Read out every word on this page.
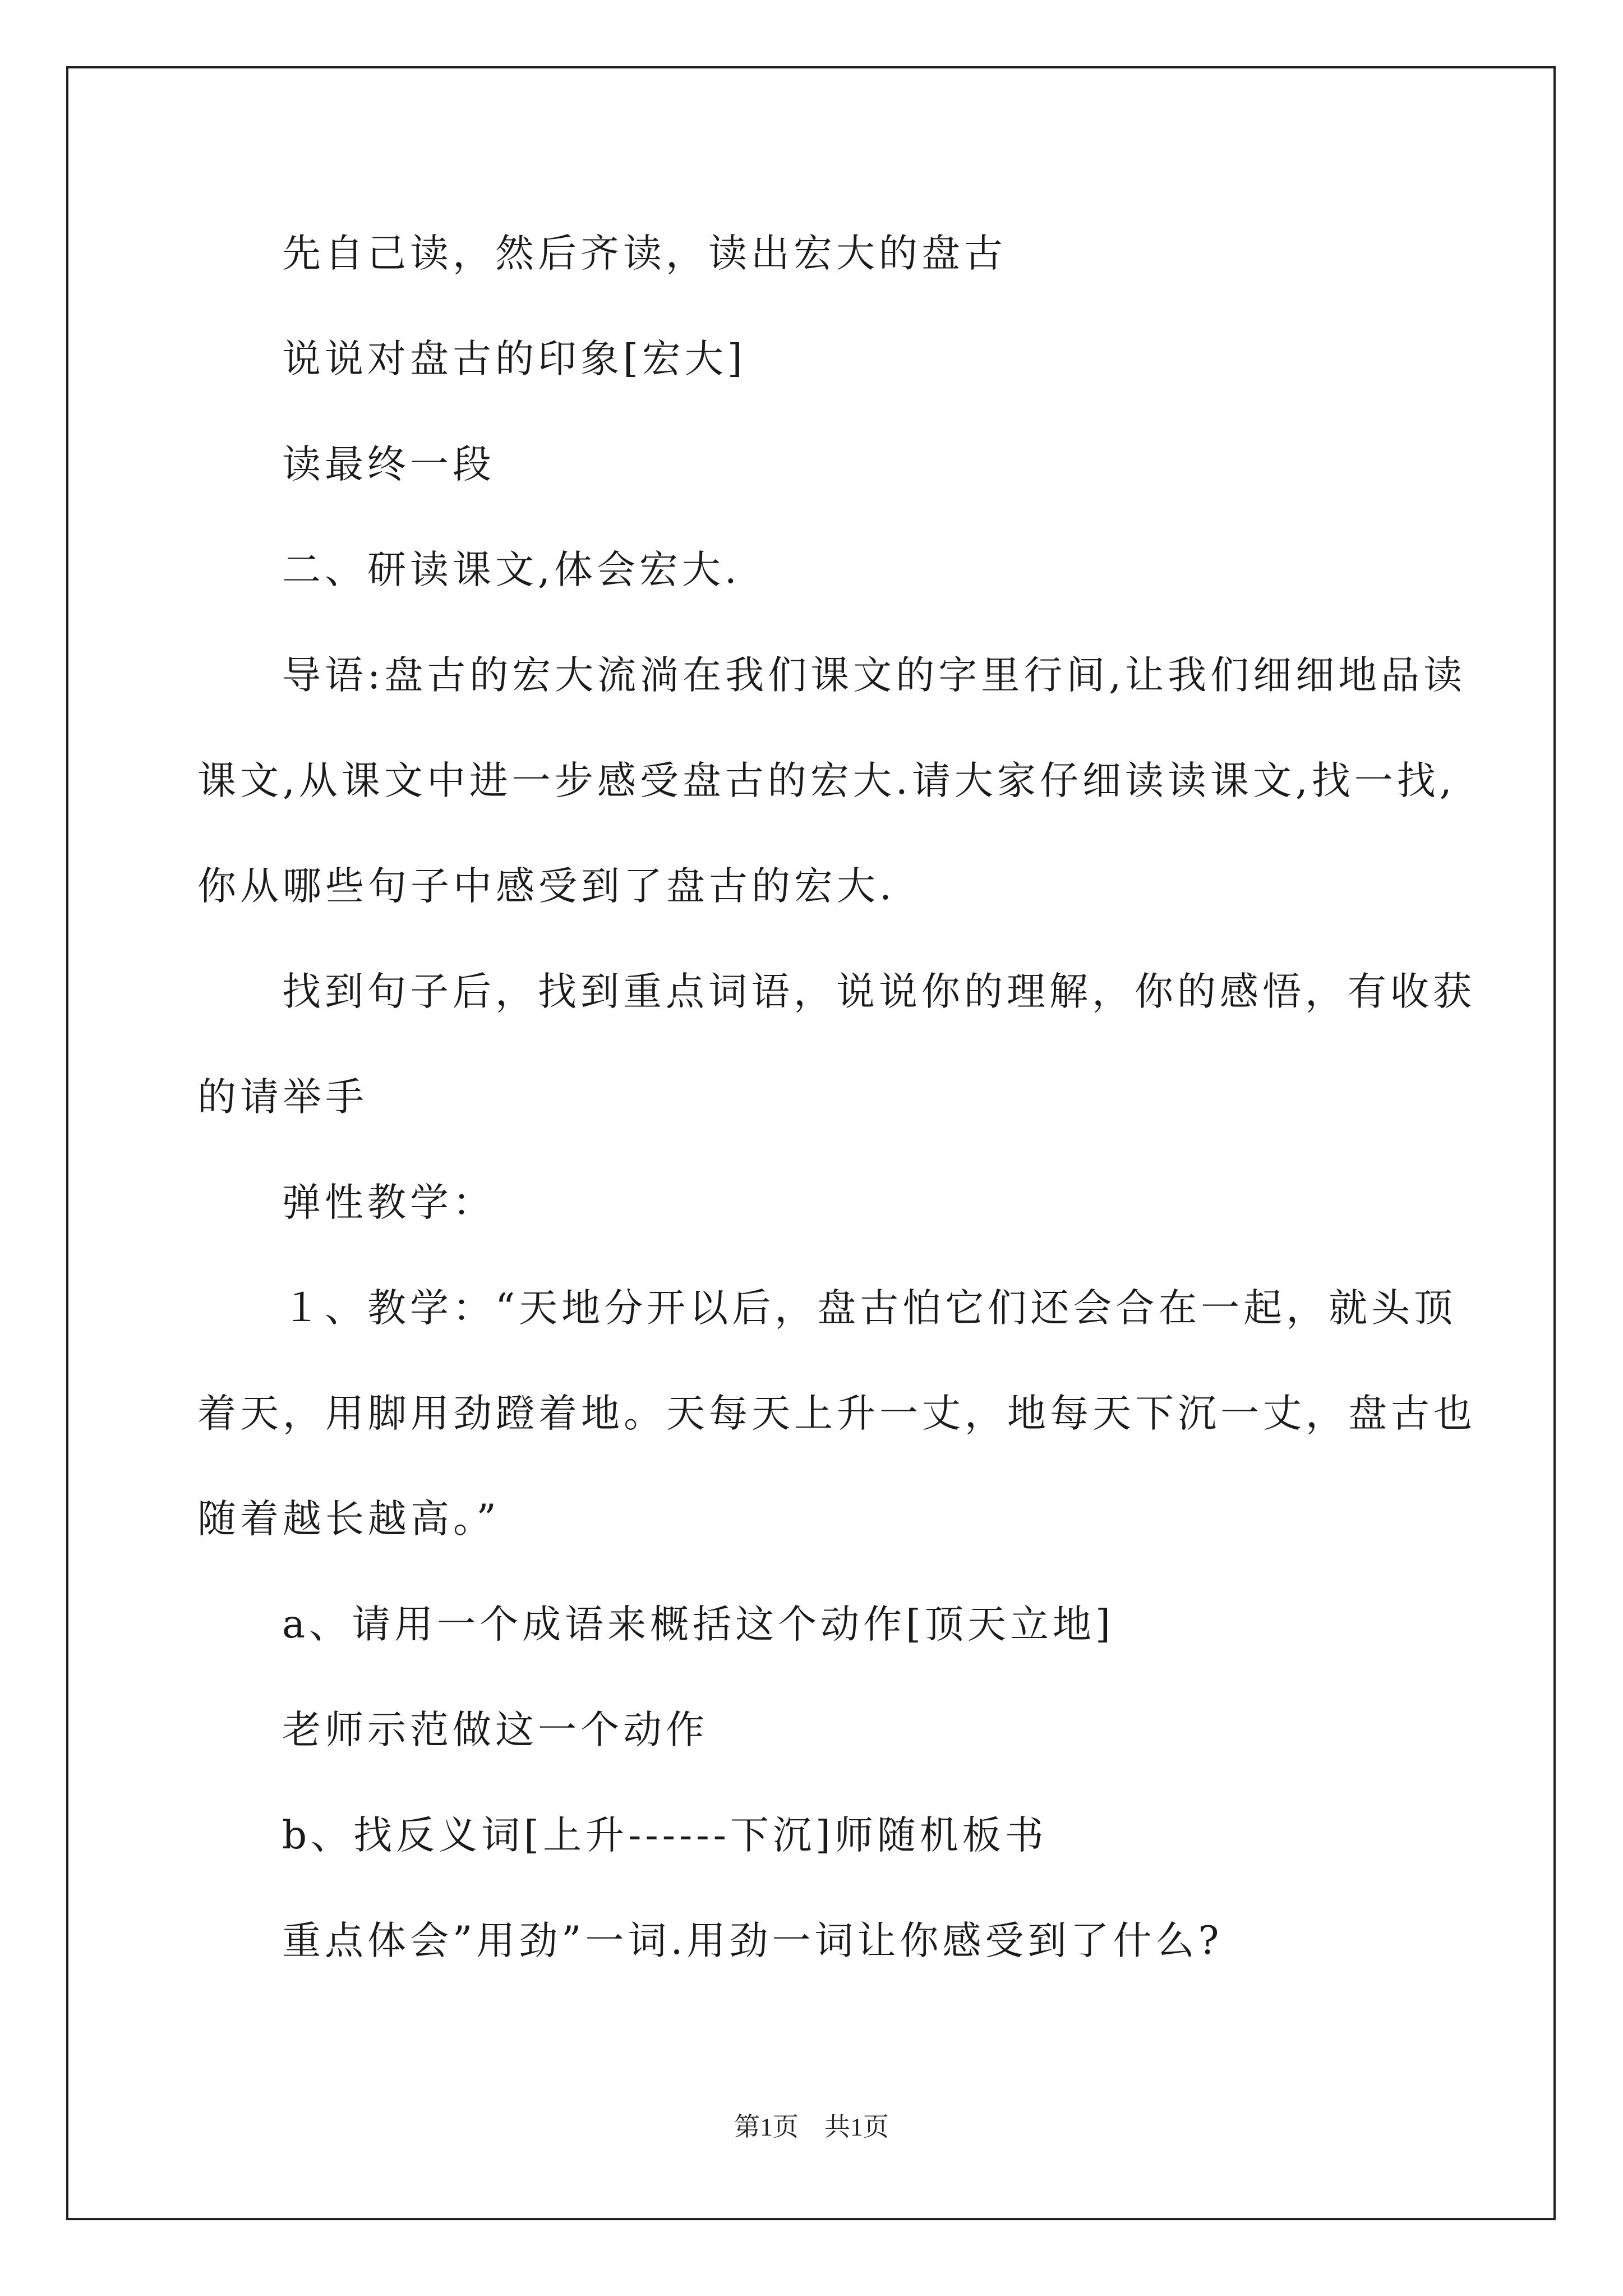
先自己读，然后齐读，读出宏大的盘古
说说对盘古的印象[宏大]
读最终一段
二、研读课文,体会宏大.
导语:盘古的宏大流淌在我们课文的字里行间,让我们细细地品读
课文,从课文中进一步感受盘古的宏大.请大家仔细读读课文,找一找,
你从哪些句子中感受到了盘古的宏大.
找到句子后，找到重点词语，说说你的理解，你的感悟，有收获
的请举手
弹性教学：
１、教学：“天地分开以后，盘古怕它们还会合在一起，就头顶
着天，用脚用劲蹬着地。天每天上升一丈，地每天下沉一丈，盘古也
随着越长越高。”
a、请用一个成语来概括这个动作[顶天立地]
老师示范做这一个动作
b、找反义词[上升------下沉]师随机板书
重点体会”用劲”一词.用劲一词让你感受到了什么?
第1页　共1页
